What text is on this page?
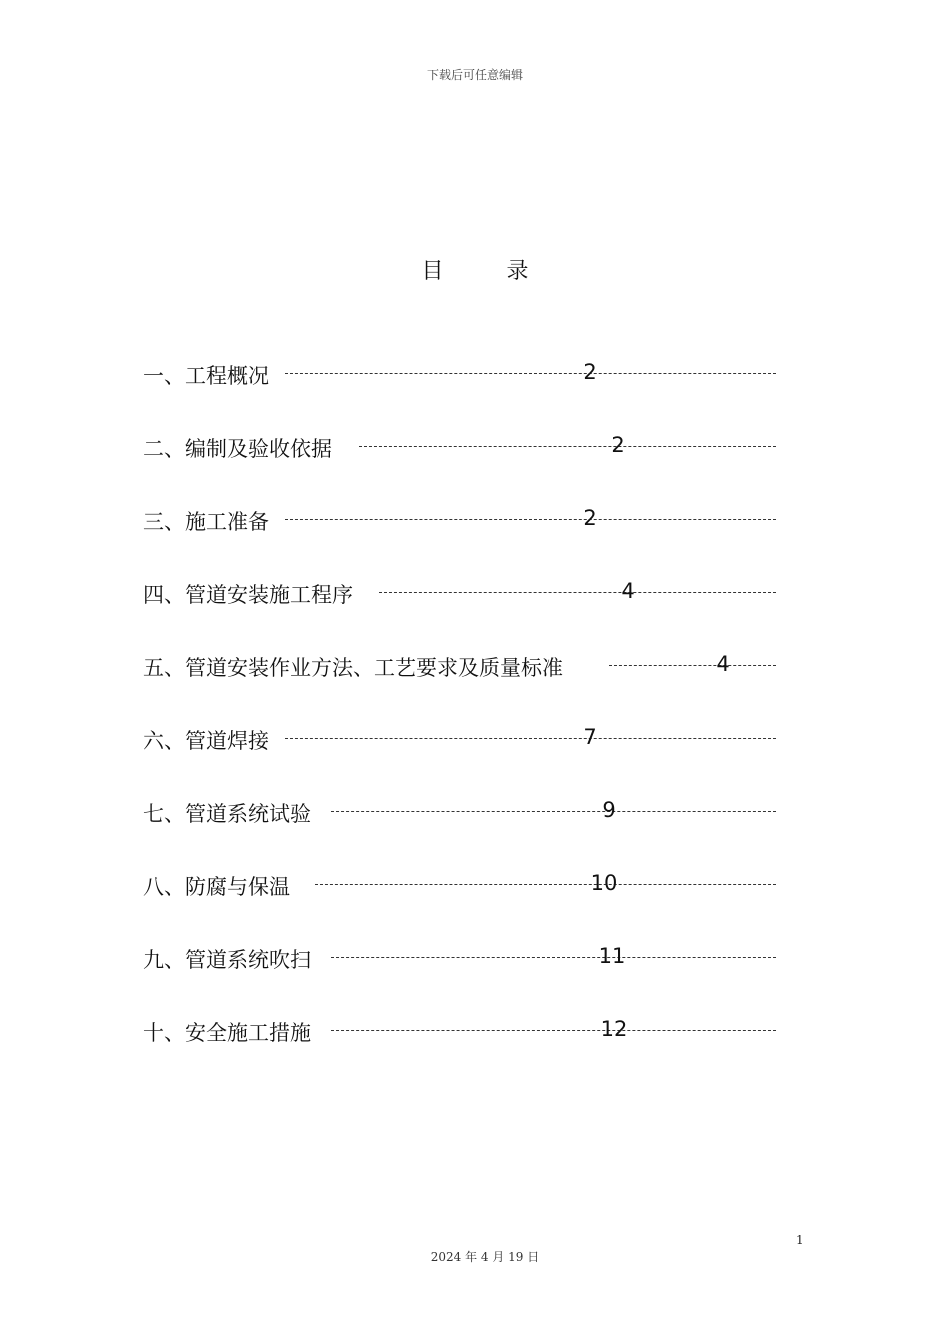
下载后可任意编辑
目 录
一、工程概况	2
二、编制及验收依据	2
三、施工准备	2
四、管道安装施工程序	4
五、管道安装作业方法、工艺要求及质量标准	4
六、管道焊接	7
七、管道系统试验	9
八、防腐与保温	10
九、管道系统吹扫	11
十、安全施工措施	12
1
2024 年 4 月 19 日
